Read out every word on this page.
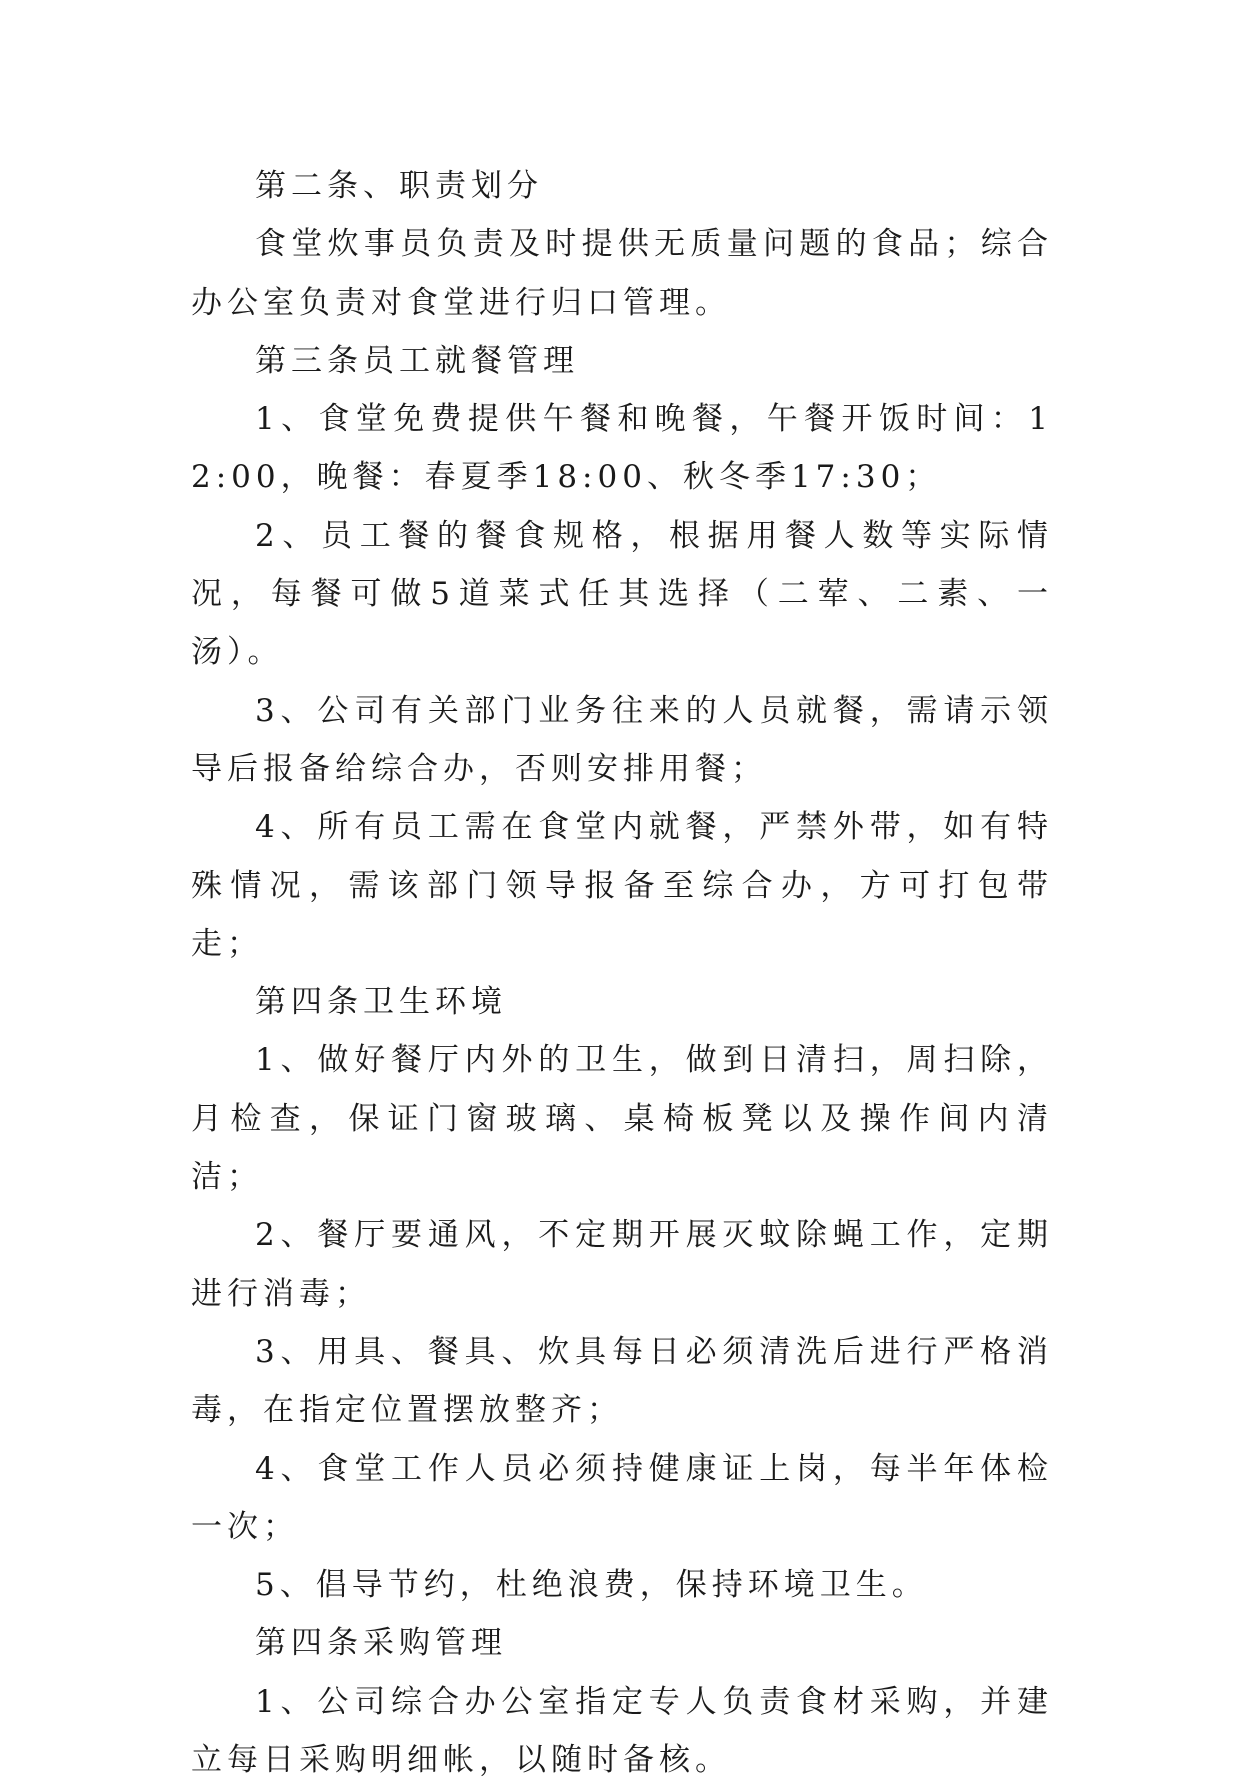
第二条、职责划分

食堂炊事员负责及时提供无质量问题的食品；综合办公室负责对食堂进行归口管理。

第三条员工就餐管理

1、食堂免费提供午餐和晚餐，午餐开饭时间：12:00，晚餐：春夏季18:00、秋冬季17:30；

2、员工餐的餐食规格，根据用餐人数等实际情况，每餐可做5道菜式任其选择（二荤、二素、一汤）。

3、公司有关部门业务往来的人员就餐，需请示领导后报备给综合办，否则安排用餐；

4、所有员工需在食堂内就餐，严禁外带，如有特殊情况，需该部门领导报备至综合办，方可打包带走；

第四条卫生环境

1、做好餐厅内外的卫生，做到日清扫，周扫除，月检查，保证门窗玻璃、桌椅板凳以及操作间内清洁；

2、餐厅要通风，不定期开展灭蚊除蝇工作，定期进行消毒；

3、用具、餐具、炊具每日必须清洗后进行严格消毒，在指定位置摆放整齐；

4、食堂工作人员必须持健康证上岗，每半年体检一次；

5、倡导节约，杜绝浪费，保持环境卫生。

第四条采购管理

1、公司综合办公室指定专人负责食材采购，并建立每日采购明细帐，以随时备核。
